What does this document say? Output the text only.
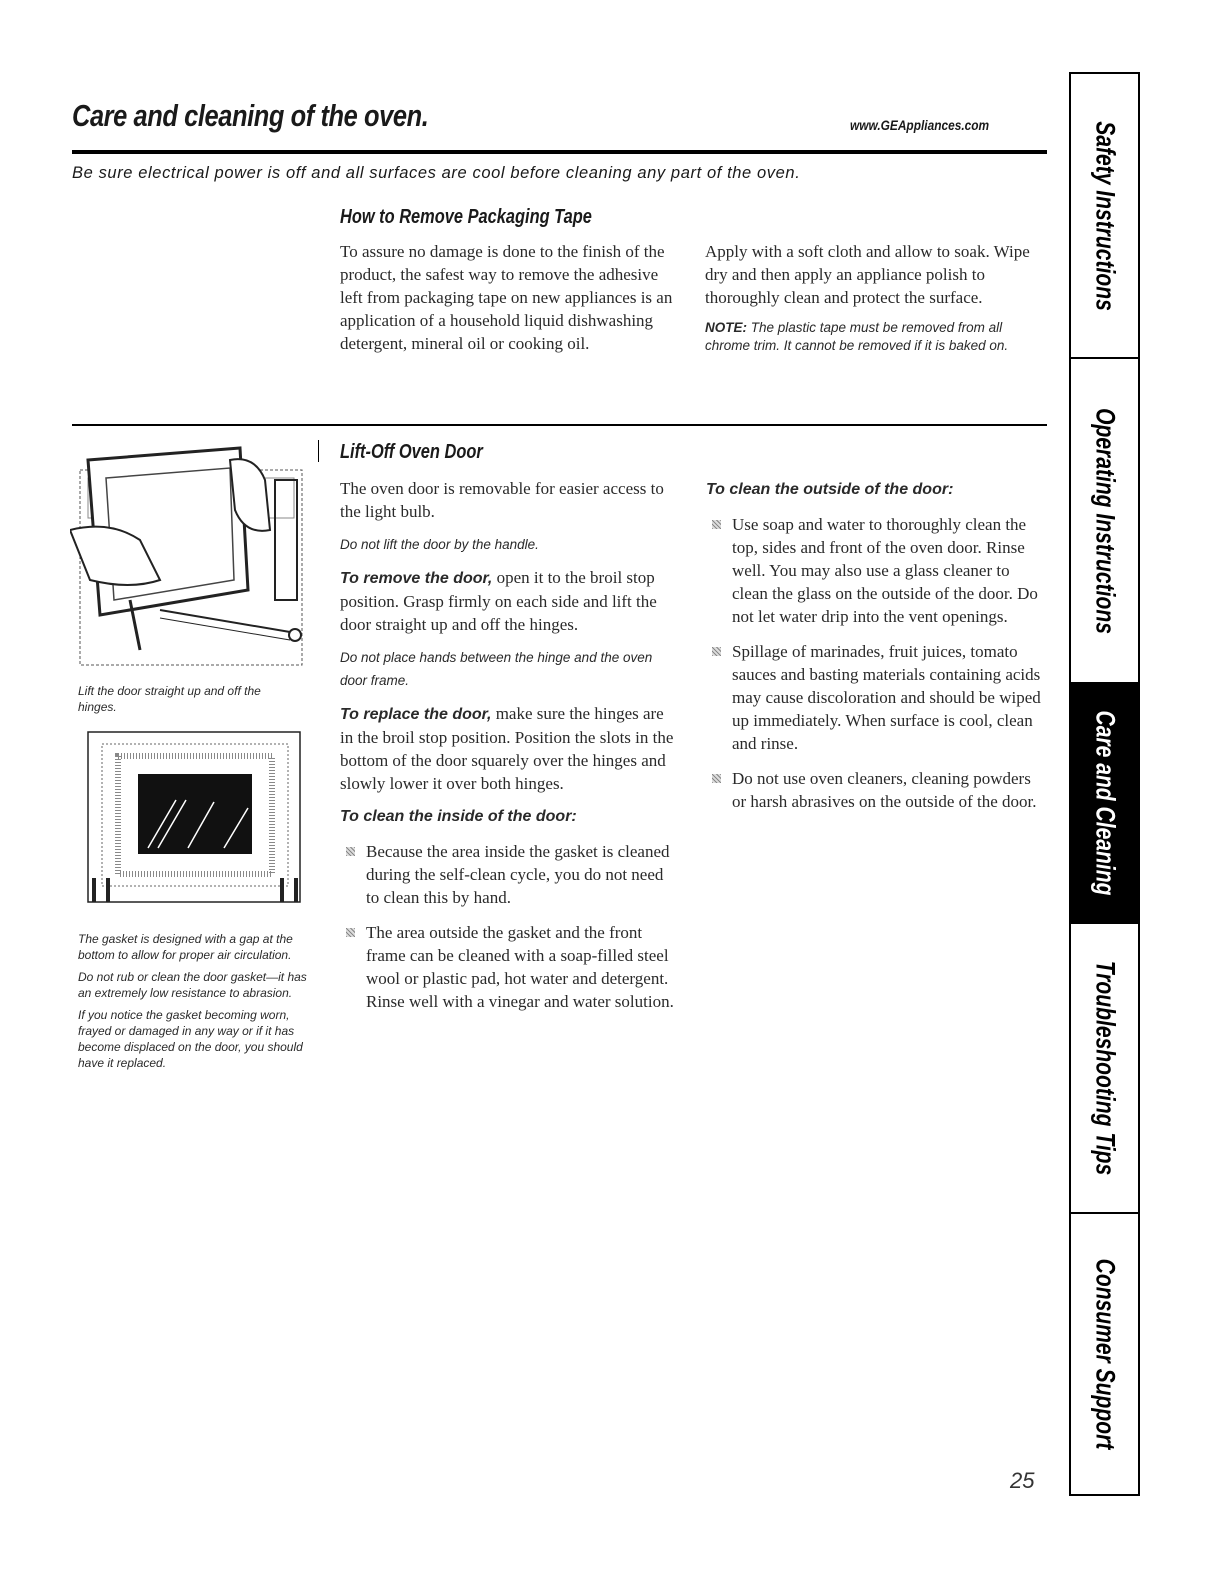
Care and cleaning of the oven.	www.GEAppliances.com
Be sure electrical power is off and all surfaces are cool before cleaning any part of the oven.
How to Remove Packaging Tape

To assure no damage is done to the finish of the product, the safest way to remove the adhesive left from packaging tape on new appliances is an application of a household liquid dishwashing detergent, mineral oil or cooking oil.

Apply with a soft cloth and allow to soak. Wipe dry and then apply an appliance polish to thoroughly clean and protect the surface.

NOTE: The plastic tape must be removed from all chrome trim. It cannot be removed if it is baked on.

Lift the door straight up and off the hinges.

The gasket is designed with a gap at the bottom to allow for proper air circulation.

Do not rub or clean the door gasket—it has an extremely low resistance to abrasion.

If you notice the gasket becoming worn, frayed or damaged in any way or if it has become displaced on the door, you should have it replaced.

Lift-Off Oven Door

The oven door is removable for easier access to the light bulb.

Do not lift the door by the handle.

To remove the door, open it to the broil stop position. Grasp firmly on each side and lift the door straight up and off the hinges.

Do not place hands between the hinge and the oven door frame.

To replace the door, make sure the hinges are in the broil stop position. Position the slots in the bottom of the door squarely over the hinges and slowly lower it over both hinges.

To clean the inside of the door:

Because the area inside the gasket is cleaned during the self-clean cycle, you do not need to clean this by hand.
The area outside the gasket and the front frame can be cleaned with a soap-filled steel wool or plastic pad, hot water and detergent. Rinse well with a vinegar and water solution.

To clean the outside of the door:

Use soap and water to thoroughly clean the top, sides and front of the oven door. Rinse well. You may also use a glass cleaner to clean the glass on the outside of the door. Do not let water drip into the vent openings.
Spillage of marinades, fruit juices, tomato sauces and basting materials containing acids may cause discoloration and should be wiped up immediately. When surface is cool, clean and rinse.
Do not use oven cleaners, cleaning powders or harsh abrasives on the outside of the door.
25
Safety Instructions
Operating Instructions
Care and Cleaning
Troubleshooting Tips
Consumer Support
